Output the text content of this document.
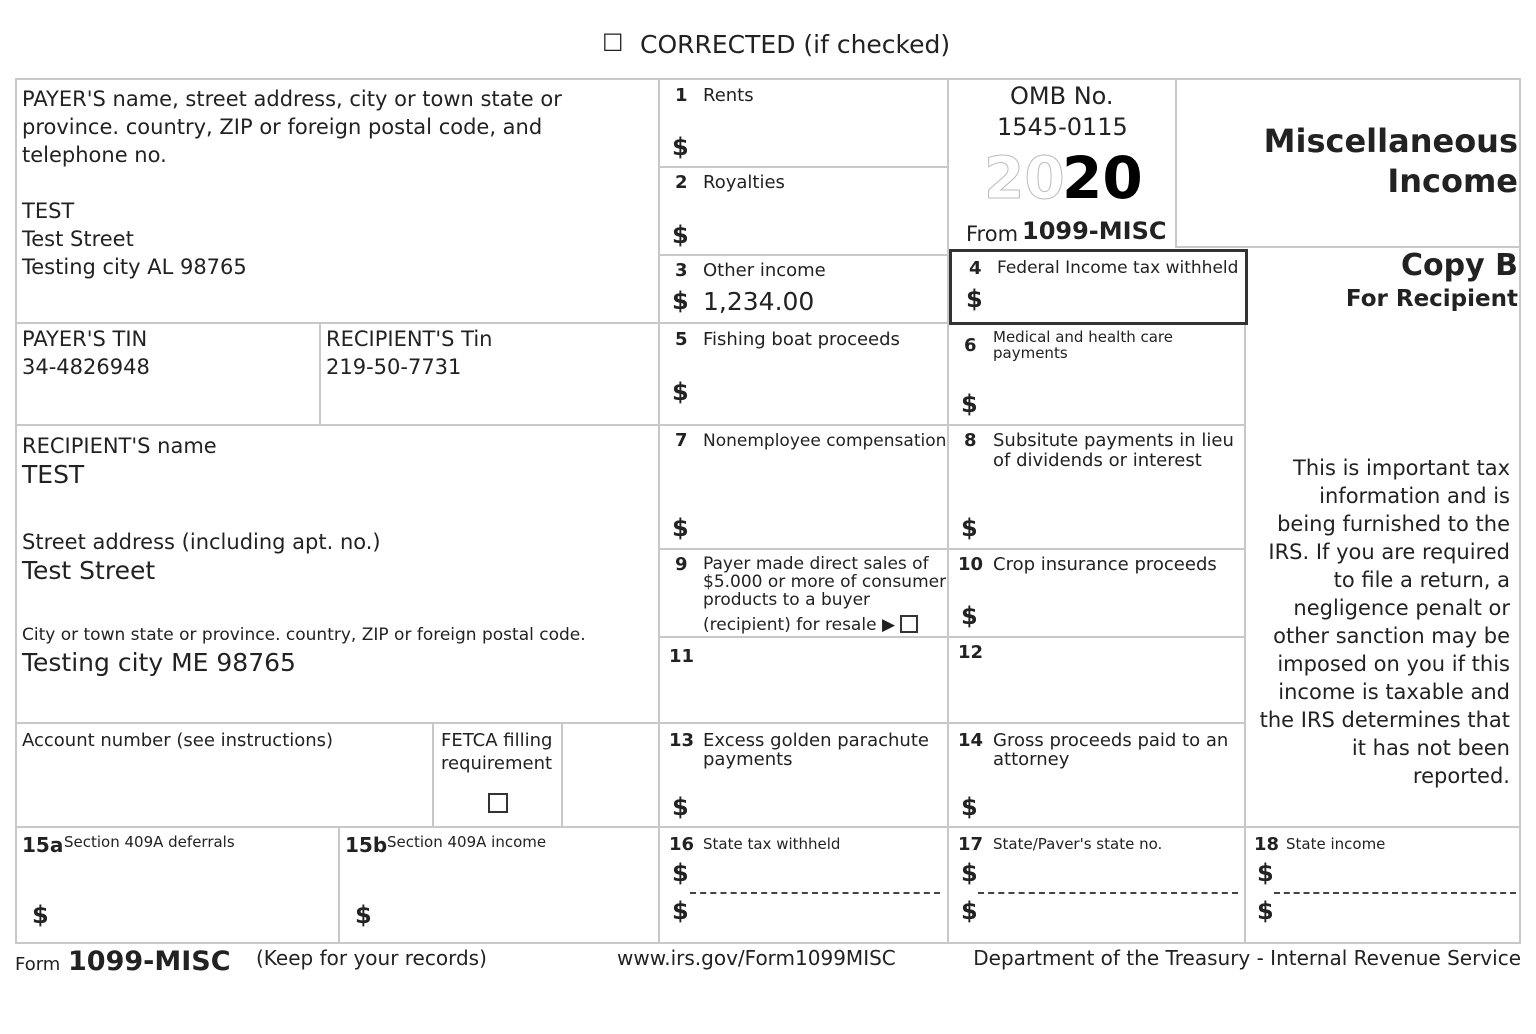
☐ CORRECTED (if checked)
PAYER'S name, street address, city or town state or
province. country, ZIP or foreign postal code, and
telephone no.
TEST
Test Street
Testing city AL 98765
PAYER'S TIN
34-4826948
RECIPIENT'S Tin
219-50-7731
RECIPIENT'S name
TEST
Street address (including apt. no.)
Test Street
City or town state or province. country, ZIP or foreign postal code.
Testing city ME 98765
Account number (see instructions)	FETCA filling
requirement
1 Rents
$
2 Royalties
$
3 Other income
$ 1,234.00
OMB No.
1545-0115
20
20
From 1099-MISC
Miscellaneous
Income
Copy B
For Recipient
4 Federal Income tax withheld
$
5 Fishing boat proceeds
$
6 Medical and health care
payments
$
7 Nonemployee compensation
$
8 Subsitute payments in lieu
of dividends or interest
$
9 Payer made direct sales of
$5.000 or more of consumer
products to a buyer
(recipient) for resale ▶
10 Crop insurance proceeds
$
11	12
13 Excess golden parachute
payments
$
14 Gross proceeds paid to an
attorney
$
This is important tax
information and is
being furnished to the
IRS. If you are required
to file a return, a
negligence penalt or
other sanction may be
imposed on you if this
income is taxable and
the IRS determines that
it has not been
reported.
15a Section 409A deferrals
$
15b Section 409A income
$
16 State tax withheld
$
$
17 State/Paver's state no.
$
$
18 State income
$
$
Form 1099-MISC (Keep for your records)	www.irs.gov/Form1099MISC	Department of the Treasury - Internal Revenue Service
